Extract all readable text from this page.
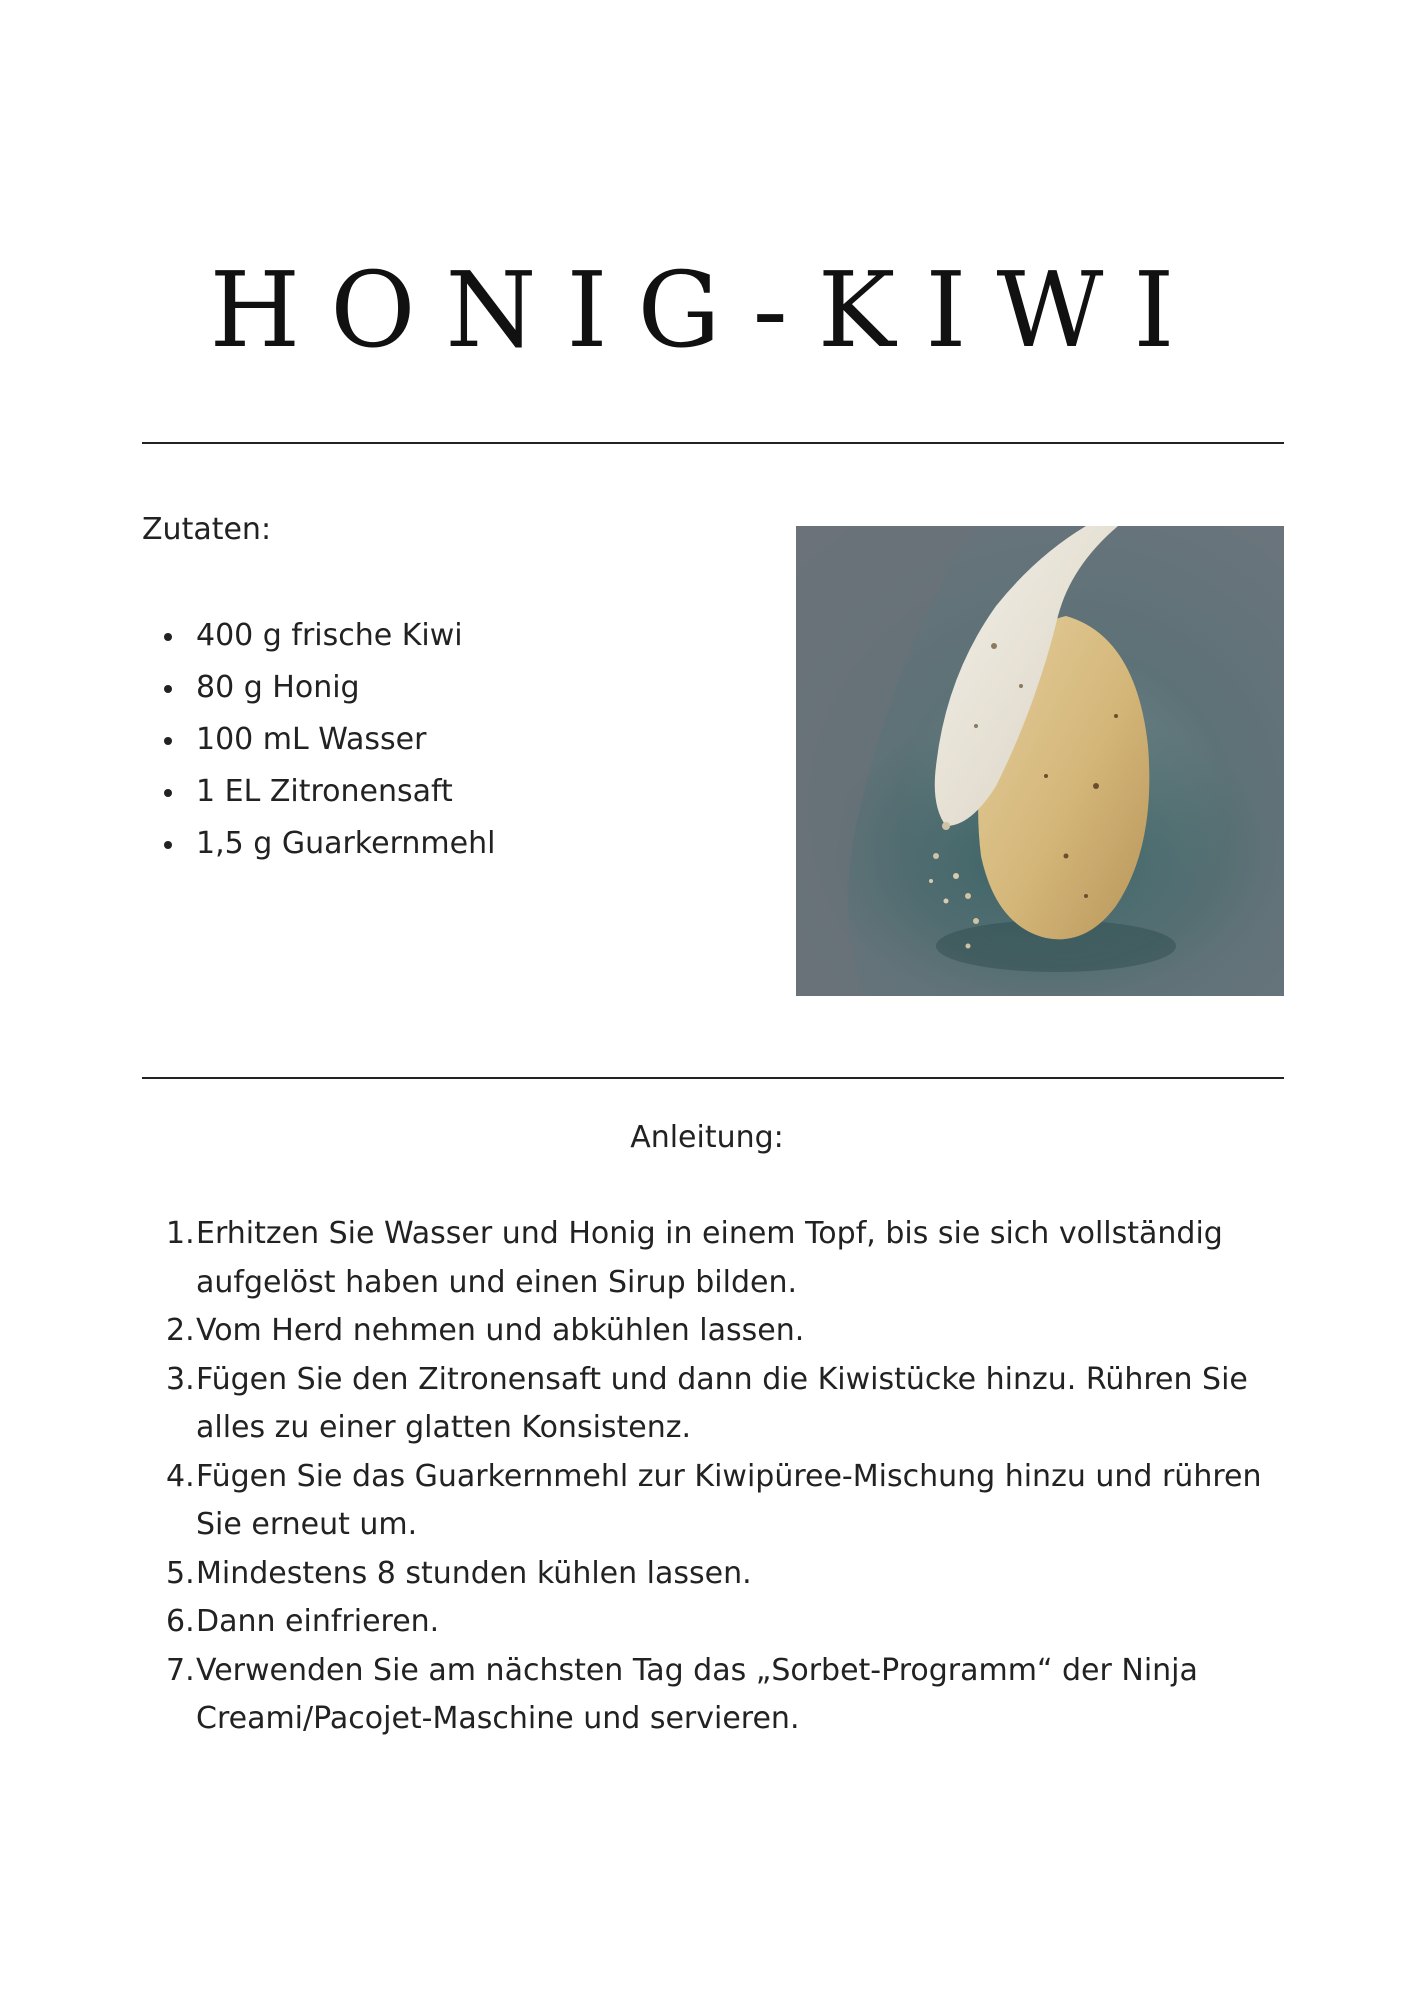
HONIG-KIWI
Zutaten:
400 g frische Kiwi
80 g Honig
100 mL Wasser
1 EL Zitronensaft
1,5 g Guarkernmehl
Anleitung:
1. Erhitzen Sie Wasser und Honig in einem Topf, bis sie sich vollständig aufgelöst haben und einen Sirup bilden.
2. Vom Herd nehmen und abkühlen lassen.
3. Fügen Sie den Zitronensaft und dann die Kiwistücke hinzu. Rühren Sie alles zu einer glatten Konsistenz.
4. Fügen Sie das Guarkernmehl zur Kiwipüree-Mischung hinzu und rühren Sie erneut um.
5. Mindestens 8 stunden kühlen lassen.
6. Dann einfrieren.
7. Verwenden Sie am nächsten Tag das „Sorbet-Programm“ der Ninja Creami/Pacojet-Maschine und servieren.
